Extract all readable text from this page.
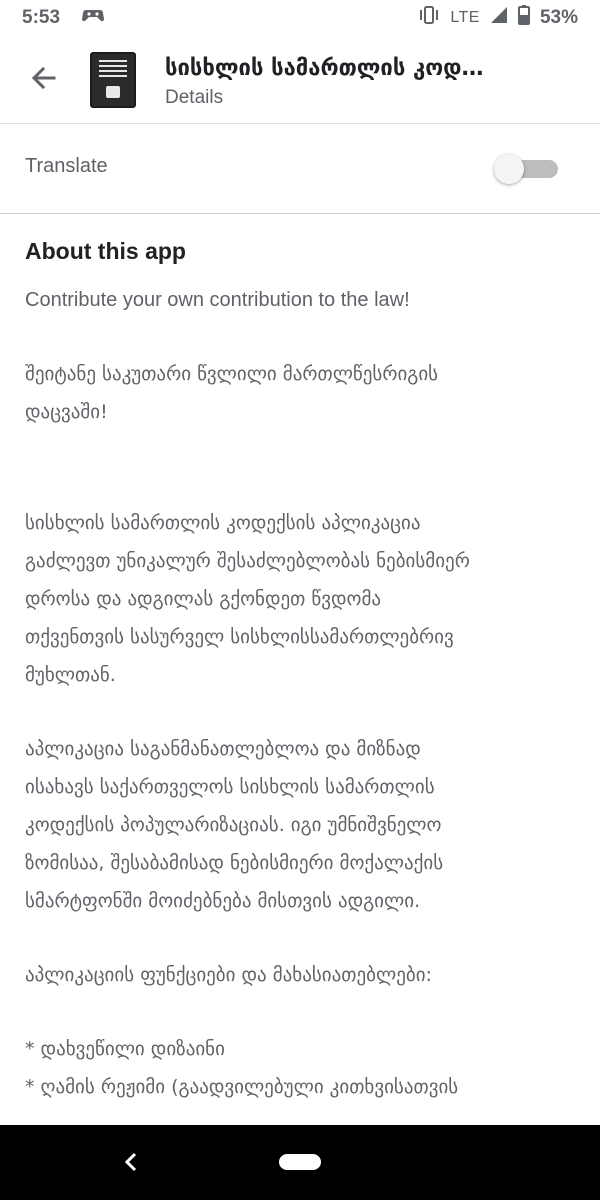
5:53	LTE	53%
სისხლის სამართლის კოდ…
Details
Translate
About this app

Contribute your own contribution to the law!

შეიტანე საკუთარი წვლილი მართლწესრიგის

დაცვაში!

სისხლის სამართლის კოდექსის აპლიკაცია

გაძლევთ უნიკალურ შესაძლებლობას ნებისმიერ

დროსა და ადგილას გქონდეთ წვდომა

თქვენთვის სასურველ სისხლისსამართლებრივ

მუხლთან.

აპლიკაცია საგანმანათლებლოა და მიზნად

ისახავს საქართველოს სისხლის სამართლის

კოდექსის პოპულარიზაციას. იგი უმნიშვნელო

ზომისაა, შესაბამისად ნებისმიერი მოქალაქის

სმარტფონში მოიძებნება მისთვის ადგილი.

აპლიკაციის ფუნქციები და მახასიათებლები:

* დახვეწილი დიზაინი

* ღამის რეჟიმი (გაადვილებული კითხვისათვის
